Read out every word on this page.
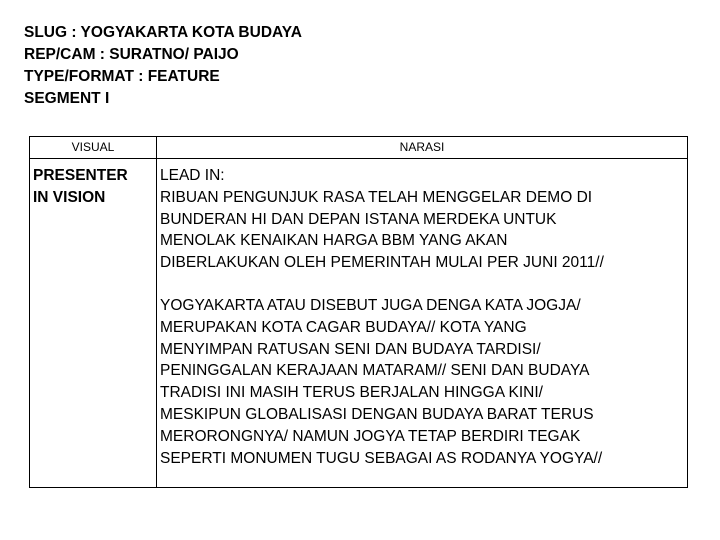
SLUG : YOGYAKARTA KOTA BUDAYA
REP/CAM : SURATNO/ PAIJO
TYPE/FORMAT : FEATURE
SEGMENT I
VISUAL	NARASI
PRESENTER
IN VISION
LEAD IN:
RIBUAN PENGUNJUK RASA TELAH MENGGELAR DEMO DI
BUNDERAN HI DAN DEPAN ISTANA MERDEKA UNTUK
MENOLAK KENAIKAN HARGA BBM YANG AKAN
DIBERLAKUKAN OLEH PEMERINTAH MULAI PER JUNI 2011//
YOGYAKARTA ATAU DISEBUT JUGA DENGA KATA JOGJA/
MERUPAKAN KOTA CAGAR BUDAYA// KOTA YANG
MENYIMPAN RATUSAN SENI DAN BUDAYA TARDISI/
PENINGGALAN KERAJAAN MATARAM// SENI DAN BUDAYA
TRADISI INI MASIH TERUS BERJALAN HINGGA KINI/
MESKIPUN GLOBALISASI DENGAN BUDAYA BARAT TERUS
MERORONGNYA/ NAMUN JOGYA TETAP BERDIRI TEGAK
SEPERTI MONUMEN TUGU SEBAGAI AS RODANYA YOGYA//
